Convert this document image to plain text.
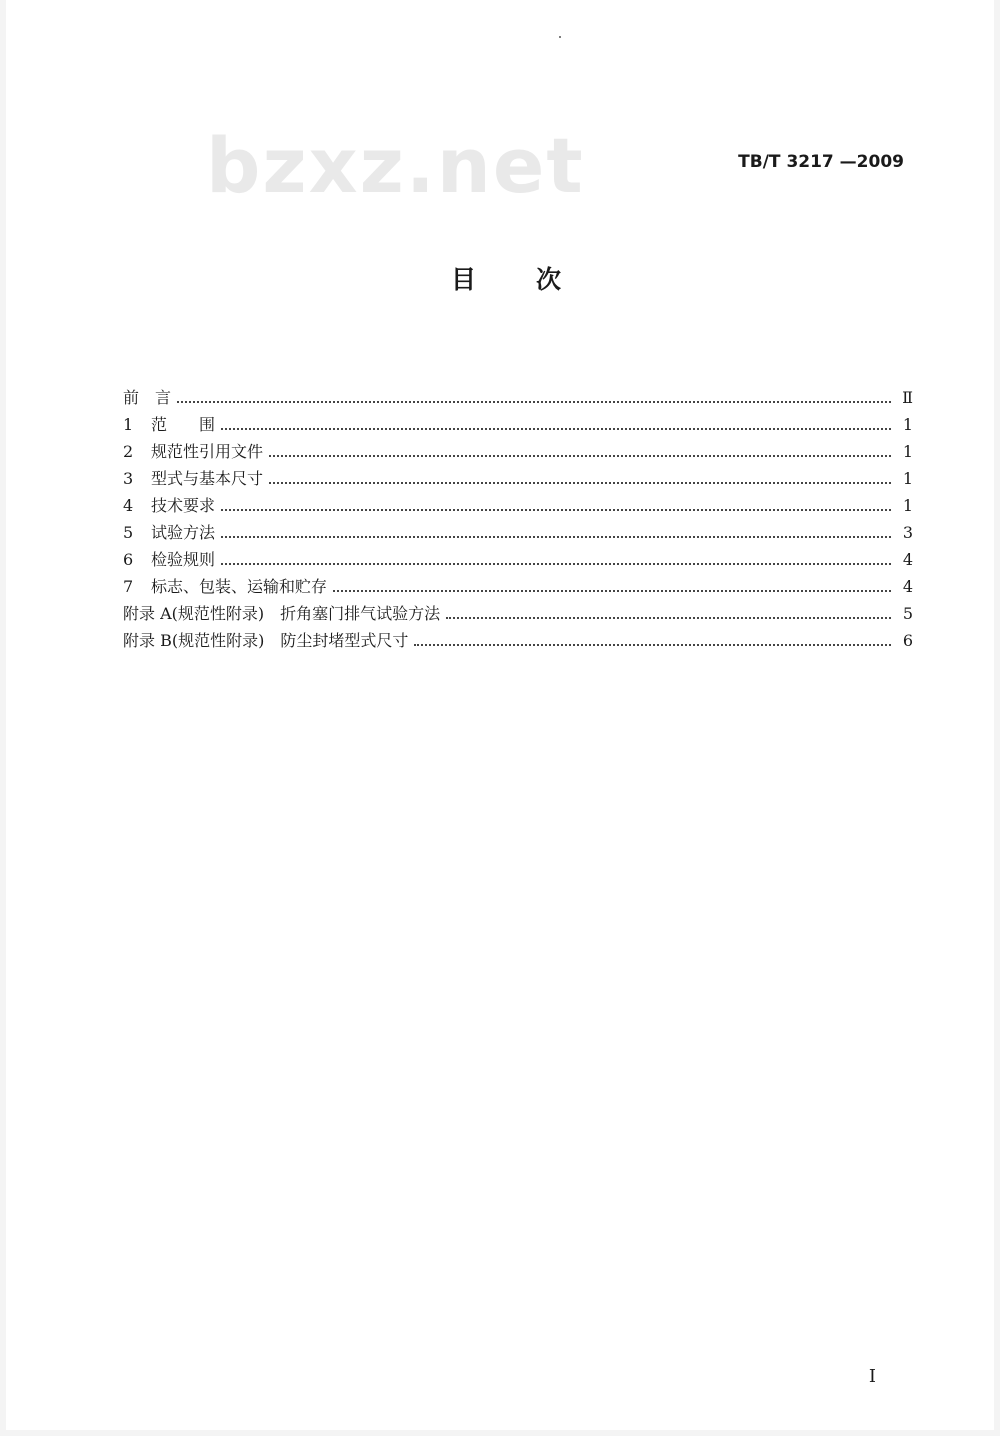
bzxz.net	TB/T 3217 —2009
目 次
前　言	Ⅱ
1	范　　围	1
2	规范性引用文件	1
3	型式与基本尺寸	1
4	技术要求	1
5	试验方法	3
6	检验规则	4
7	标志、包装、运输和贮存	4
附录 A(规范性附录)　折角塞门排气试验方法	5
附录 B(规范性附录)　防尘封堵型式尺寸	6
I
